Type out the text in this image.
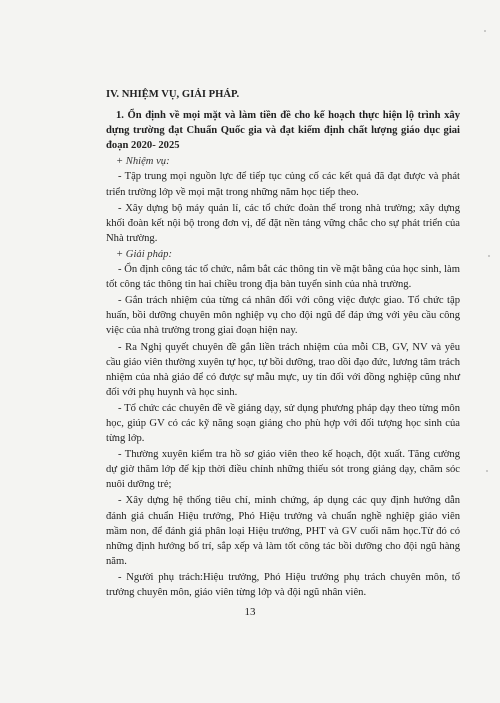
IV. NHIỆM VỤ, GIẢI PHÁP.

1. Ổn định về mọi mặt và làm tiền đề cho kế hoạch thực hiện lộ trình xây dựng trường đạt Chuẩn Quốc gia và đạt kiểm định chất lượng giáo dục giai đoạn 2020- 2025

+ Nhiệm vụ:

- Tập trung mọi nguồn lực để tiếp tục củng cố các kết quả đã đạt được và phát triển trường lớp về mọi mặt trong những năm học tiếp theo.

- Xây dựng bộ máy quản lí, các tổ chức đoàn thể trong nhà trường; xây dựng khối đoàn kết nội bộ trong đơn vị, để đặt nền tảng vững chắc cho sự phát triển của Nhà trường.

+ Giải pháp:

- Ổn định công tác tổ chức, nắm bắt các thông tin về mặt bằng của học sinh, làm tốt công tác thông tin hai chiều trong địa bàn tuyển sinh của nhà trường.

- Gắn trách nhiệm của từng cá nhân đối với công việc được giao. Tổ chức tập huấn, bồi dưỡng chuyên môn nghiệp vụ cho đội ngũ để đáp ứng với yêu cầu công việc của nhà trường trong giai đoạn hiện nay.

- Ra Nghị quyết chuyên đề gắn liền trách nhiệm của mỗi CB, GV, NV và yêu cầu giáo viên thường xuyên tự học, tự bồi dưỡng, trao dồi đạo đức, lương tâm trách nhiệm của nhà giáo để có được sự mẫu mực, uy tín đối với đồng nghiệp cũng như đối với phụ huynh và học sinh.

- Tổ chức các chuyên đề về giảng dạy, sử dụng phương pháp dạy theo từng môn học, giúp GV có các kỹ năng soạn giảng cho phù hợp với đối tượng học sinh của từng lớp.

- Thường xuyên kiểm tra hồ sơ giáo viên theo kế hoạch, đột xuất. Tăng cường dự giờ thăm lớp để kịp thời điều chỉnh những thiếu sót trong giảng dạy, chăm sóc nuôi dưỡng trẻ;

- Xây dựng hệ thống tiêu chí, minh chứng, áp dụng các quy định hướng dẫn đánh giá chuẩn Hiệu trưởng, Phó Hiệu trưởng và chuẩn nghề nghiệp giáo viên mầm non, để đánh giá phân loại Hiệu trưởng, PHT và GV cuối năm học.Từ đó có những định hướng bố trí, sắp xếp và làm tốt công tác bồi dưỡng cho đội ngũ hàng năm.

- Người phụ trách:Hiệu trưởng, Phó Hiệu trưởng phụ trách chuyên môn, tổ trưởng chuyên môn, giáo viên từng lớp và đội ngũ nhân viên.

13
